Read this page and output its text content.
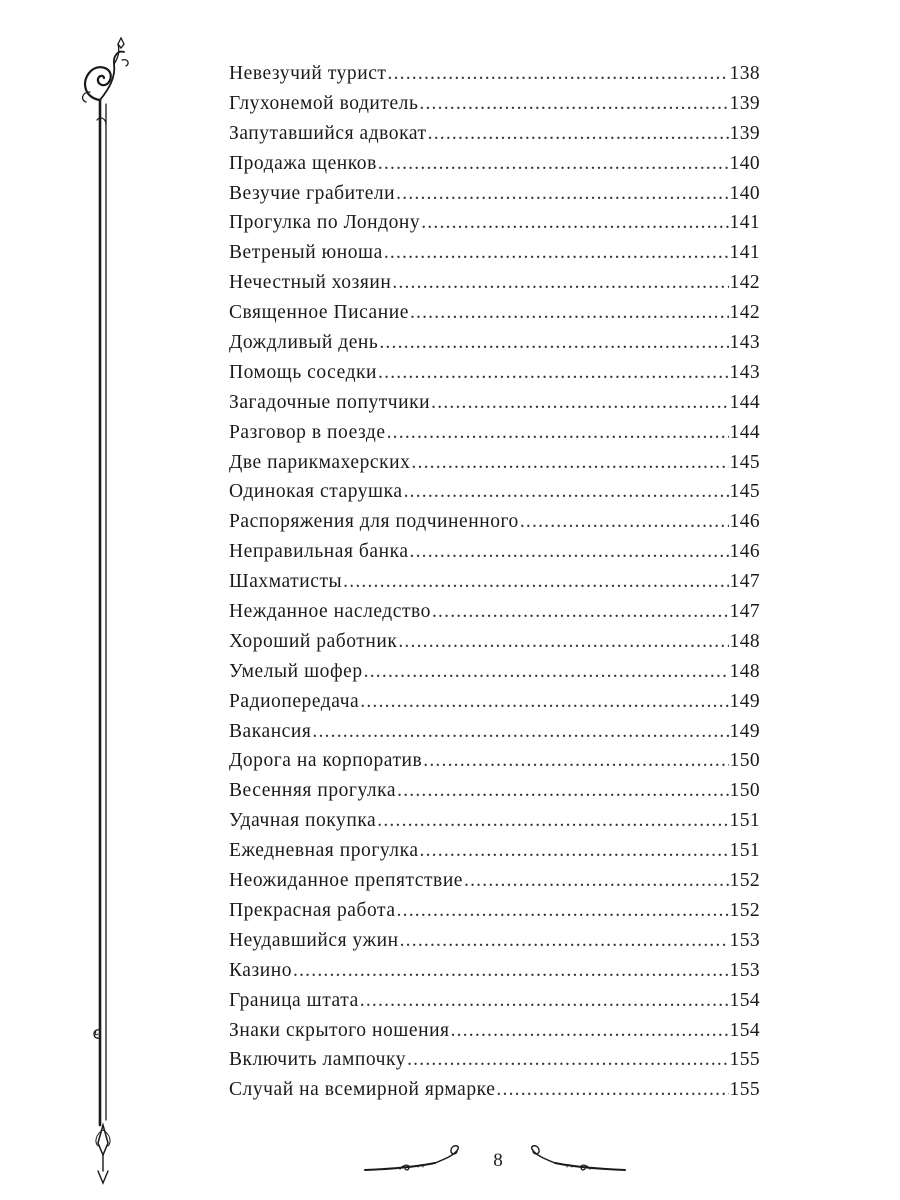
Невезучий турист .....	138
Глухонемой водитель .....	139
Запутавшийся адвокат .....	139
Продажа щенков .....	140
Везучие грабители .....	140
Прогулка по Лондону .....	141
Ветреный юноша .....	141
Нечестный хозяин .....	142
Священное Писание .....	142
Дождливый день .....	143
Помощь соседки .....	143
Загадочные попутчики .....	144
Разговор в поезде .....	144
Две парикмахерских .....	145
Одинокая старушка .....	145
Распоряжения для подчиненного .....	146
Неправильная банка .....	146
Шахматисты .....	147
Нежданное наследство .....	147
Хороший работник .....	148
Умелый шофер .....	148
Радиопередача .....	149
Вакансия .....	149
Дорога на корпоратив .....	150
Весенняя прогулка .....	150
Удачная покупка .....	151
Ежедневная прогулка .....	151
Неожиданное препятствие .....	152
Прекрасная работа .....	152
Неудавшийся ужин .....	153
Казино .....	153
Граница штата .....	154
Знаки скрытого ношения .....	154
Включить лампочку .....	155
Случай на всемирной ярмарке .....	155
8
